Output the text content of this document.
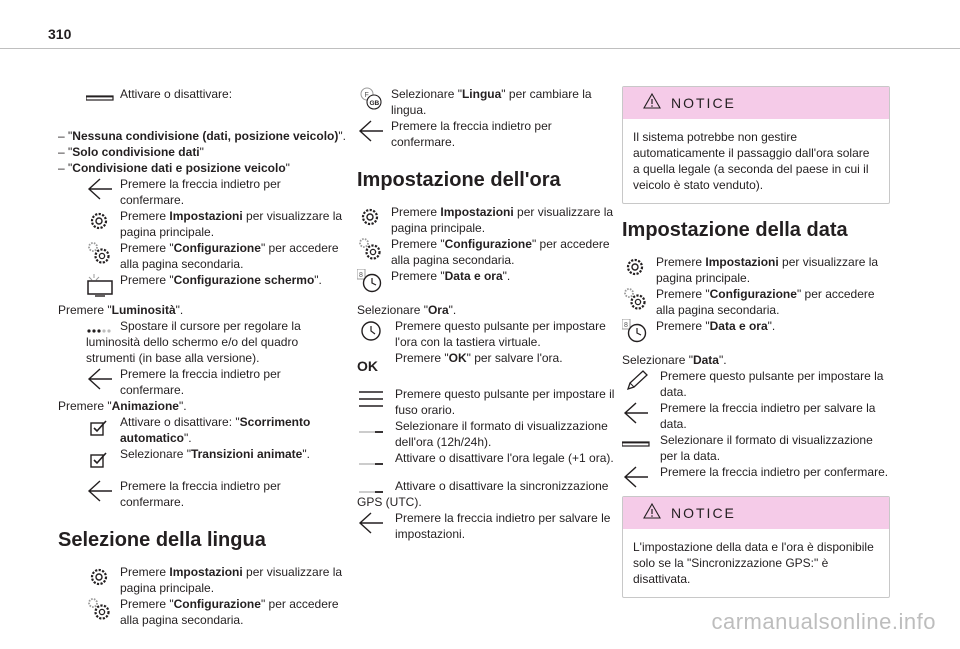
310

Attivare o disattivare:

– "Nessuna condivisione (dati, posizione veicolo)".

– "Solo condivisione dati"

– "Condivisione dati e posizione veicolo"

Premere la freccia indietro per confermare.

Premere Impostazioni per visualizzare la pagina principale.

Premere "Configurazione" per accedere alla pagina secondaria.

Premere "Configurazione schermo".

Premere "Luminosità".

Spostare il cursore per regolare la luminosità dello schermo e/o del quadro strumenti (in base alla versione).

Premere la freccia indietro per confermare.

Premere "Animazione".

Attivare o disattivare: "Scorrimento automatico".

Selezionare "Transizioni animate".

Premere la freccia indietro per confermare.

Selezione della lingua

Premere Impostazioni per visualizzare la pagina principale.

Premere "Configurazione" per accedere alla pagina secondaria.

F
GB

Selezionare "Lingua" per cambiare la lingua.

Premere la freccia indietro per confermare.

Impostazione dell'ora

Premere Impostazioni per visualizzare la pagina principale.

Premere "Configurazione" per accedere alla pagina secondaria.

8 Premere "Data e ora".

Selezionare "Ora".

Premere questo pulsante per impostare l'ora con la tastiera virtuale.

OK Premere "OK" per salvare l'ora.

Premere questo pulsante per impostare il fuso orario.

Selezionare il formato di visualizzazione dell'ora (12h/24h).

Attivare o disattivare l'ora legale (+1 ora).

Attivare o disattivare la sincronizzazione GPS (UTC).

Premere la freccia indietro per salvare le impostazioni.

NOTICE
Il sistema potrebbe non gestire automaticamente il passaggio dall'ora solare a quella legale (a seconda del paese in cui il veicolo è stato venduto).
Impostazione della data

Premere Impostazioni per visualizzare la pagina principale.

Premere "Configurazione" per accedere alla pagina secondaria.

8 Premere "Data e ora".

Selezionare "Data".

Premere questo pulsante per impostare la data.

Premere la freccia indietro per salvare la data.

Selezionare il formato di visualizzazione per la data.

Premere la freccia indietro per confermare.

NOTICE
L'impostazione della data e l'ora è disponibile solo se la "Sincronizzazione GPS:" è disattivata.
carmanualsonline.info
